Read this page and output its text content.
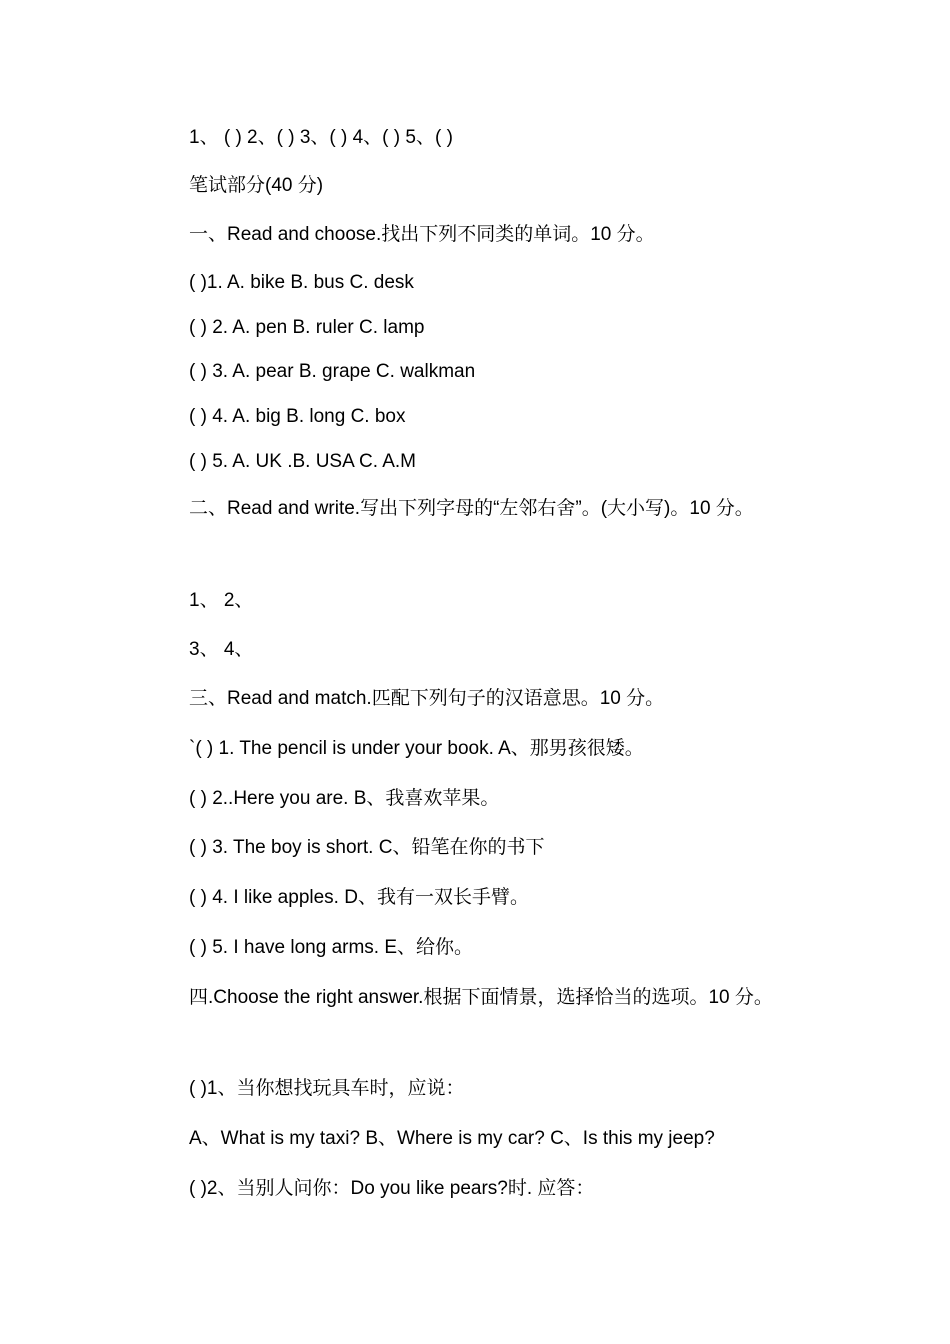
1、 ( ) 2、( ) 3、( ) 4、( ) 5、( )
笔试部分(40 分)
一、Read and choose.找出下列不同类的单词。10 分。
( )1. A. bike B. bus C. desk
( ) 2. A. pen B. ruler C. lamp
( ) 3. A. pear B. grape C. walkman
( ) 4. A. big B. long C. box
( ) 5. A. UK .B. USA C. A.M
二、Read and write.写出下列字母的“左邻右舍”。(大小写)。10 分。
1、 2、
3、 4、
三、Read and match.匹配下列句子的汉语意思。10 分。
`( ) 1. The pencil is under your book. A、那男孩很矮。
( ) 2..Here you are. B、我喜欢苹果。
( ) 3. The boy is short. C、铅笔在你的书下
( ) 4. I like apples. D、我有一双长手臂。
( ) 5. I have long arms. E、给你。
四.Choose the right answer.根据下面情景，选择恰当的选项。10 分。
( )1、当你想找玩具车时，应说：
A、What is my taxi? B、Where is my car? C、Is this my jeep?
( )2、当别人问你：Do you like pears?时. 应答：
